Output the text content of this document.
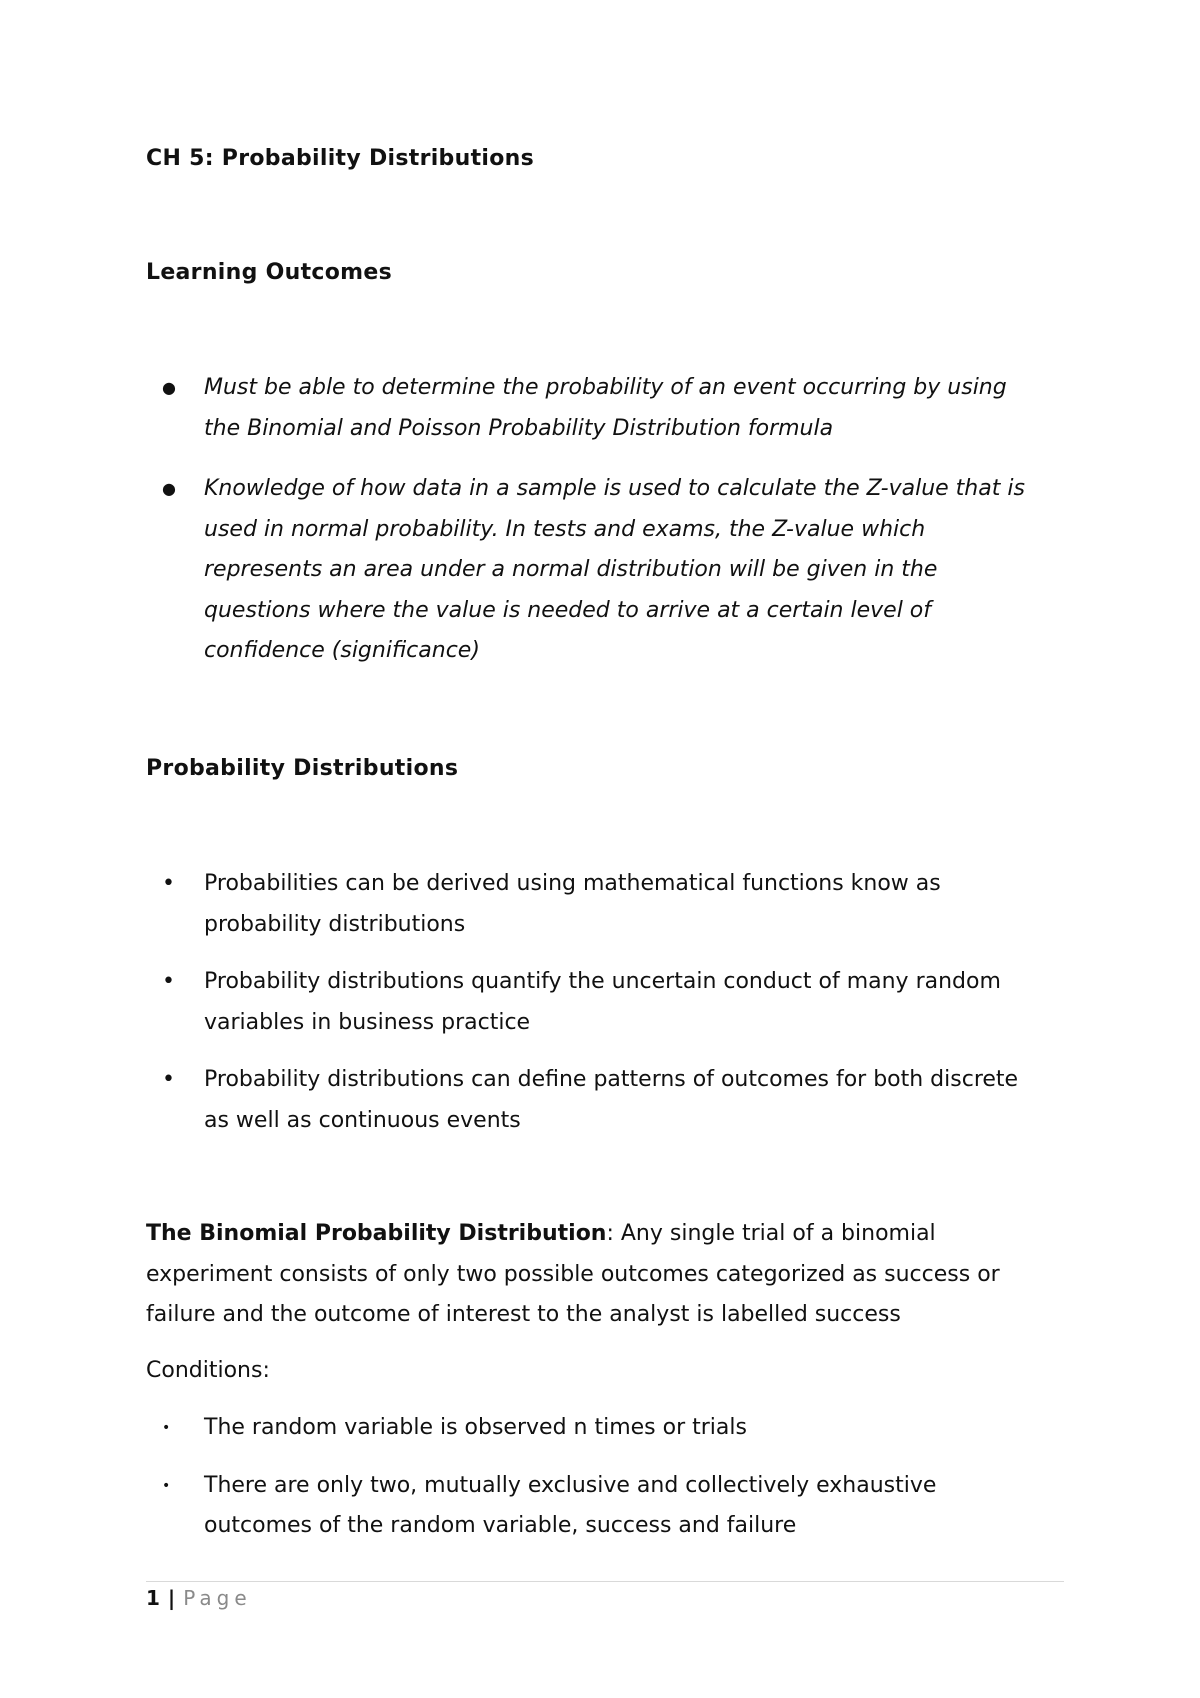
CH 5: Probability Distributions
Learning Outcomes
● Must be able to determine the probability of an event occurring by using the Binomial and Poisson Probability Distribution formula
● Knowledge of how data in a sample is used to calculate the Z-value that is used in normal probability. In tests and exams, the Z-value which represents an area under a normal distribution will be given in the questions where the value is needed to arrive at a certain level of confidence (significance)
Probability Distributions
• Probabilities can be derived using mathematical functions know as probability distributions
• Probability distributions quantify the uncertain conduct of many random variables in business practice
• Probability distributions can define patterns of outcomes for both discrete as well as continuous events
The Binomial Probability Distribution: Any single trial of a binomial experiment consists of only two possible outcomes categorized as success or failure and the outcome of interest to the analyst is labelled success
Conditions:
• The random variable is observed n times or trials
• There are only two, mutually exclusive and collectively exhaustive outcomes of the random variable, success and failure
1 | Page
